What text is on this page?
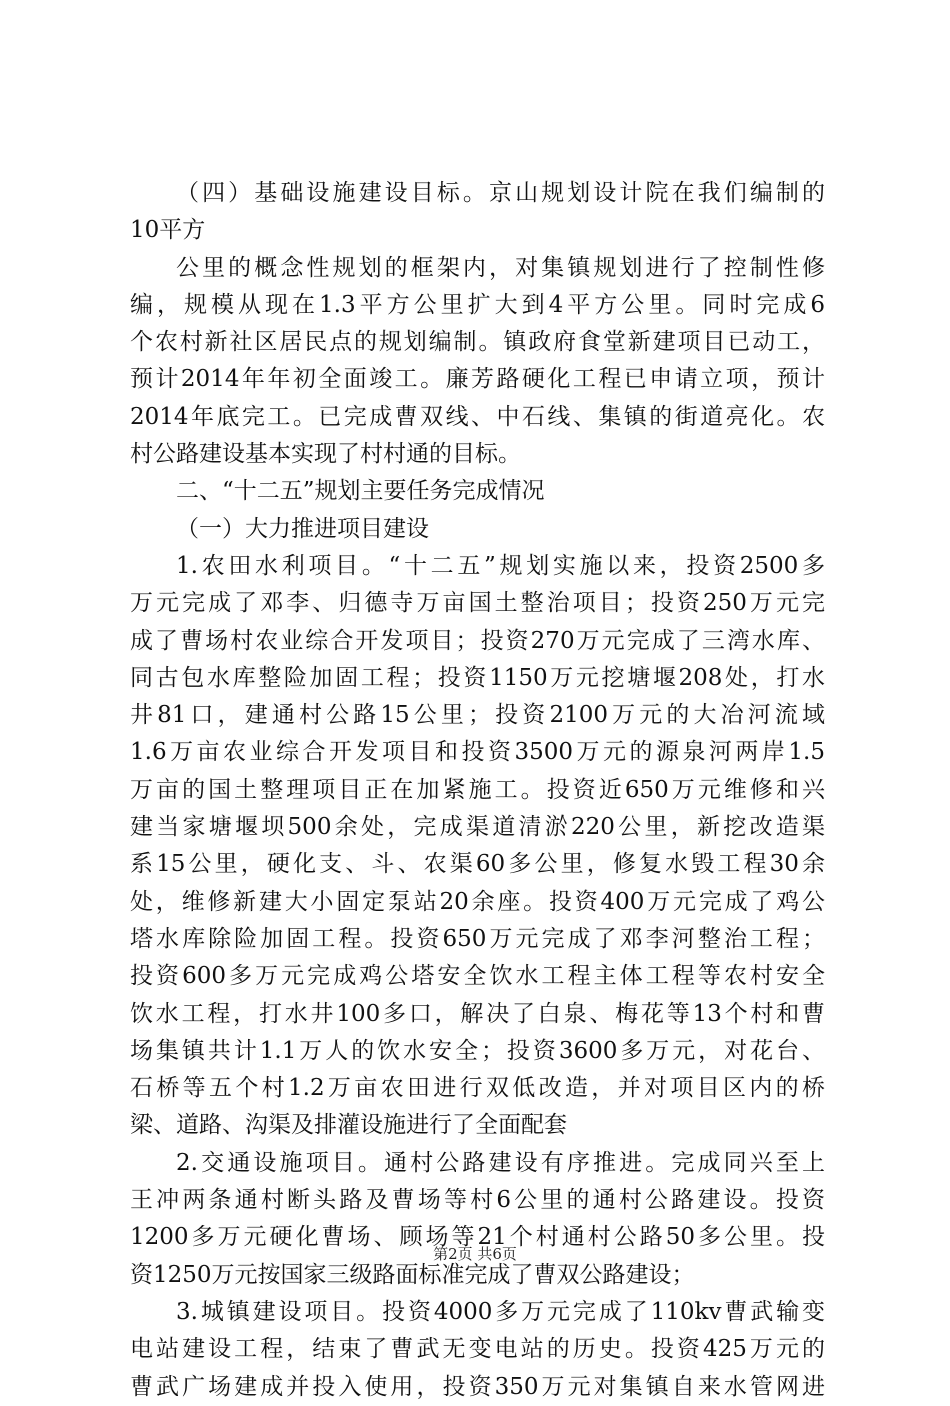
（四）基础设施建设目标。京山规划设计院在我们编制的
10平方
公里的概念性规划的框架内，对集镇规划进行了控制性修
编，规模从现在1.3平方公里扩大到4平方公里。同时完成6
个农村新社区居民点的规划编制。镇政府食堂新建项目已动工，
预计2014年年初全面竣工。廉芳路硬化工程已申请立项，预计
2014年底完工。已完成曹双线、中石线、集镇的街道亮化。农
村公路建设基本实现了村村通的目标。
二、“十二五”规划主要任务完成情况
（一）大力推进项目建设
1.农田水利项目。“十二五”规划实施以来，投资2500多
万元完成了邓李、归德寺万亩国土整治项目；投资250万元完
成了曹场村农业综合开发项目；投资270万元完成了三湾水库、
同古包水库整险加固工程；投资1150万元挖塘堰208处，打水
井81口，建通村公路15公里；投资2100万元的大冶河流域
1.6万亩农业综合开发项目和投资3500万元的源泉河两岸1.5
万亩的国土整理项目正在加紧施工。投资近650万元维修和兴
建当家塘堰坝500余处，完成渠道清淤220公里，新挖改造渠
系15公里，硬化支、斗、农渠60多公里，修复水毁工程30余
处，维修新建大小固定泵站20余座。投资400万元完成了鸡公
塔水库除险加固工程。投资650万元完成了邓李河整治工程；
投资600多万元完成鸡公塔安全饮水工程主体工程等农村安全
饮水工程，打水井100多口，解决了白泉、梅花等13个村和曹
场集镇共计1.1万人的饮水安全；投资3600多万元，对花台、
石桥等五个村1.2万亩农田进行双低改造，并对项目区内的桥
梁、道路、沟渠及排灌设施进行了全面配套
2.交通设施项目。通村公路建设有序推进。完成同兴至上
王冲两条通村断头路及曹场等村6公里的通村公路建设。投资
1200多万元硬化曹场、顾场等21个村通村公路50多公里。投
资1250万元按国家三级路面标准完成了曹双公路建设；
3.城镇建设项目。投资4000多万元完成了110kv曹武输变
电站建设工程，结束了曹武无变电站的历史。投资425万元的
曹武广场建成并投入使用，投资350万元对集镇自来水管网进
第2页 共6页
